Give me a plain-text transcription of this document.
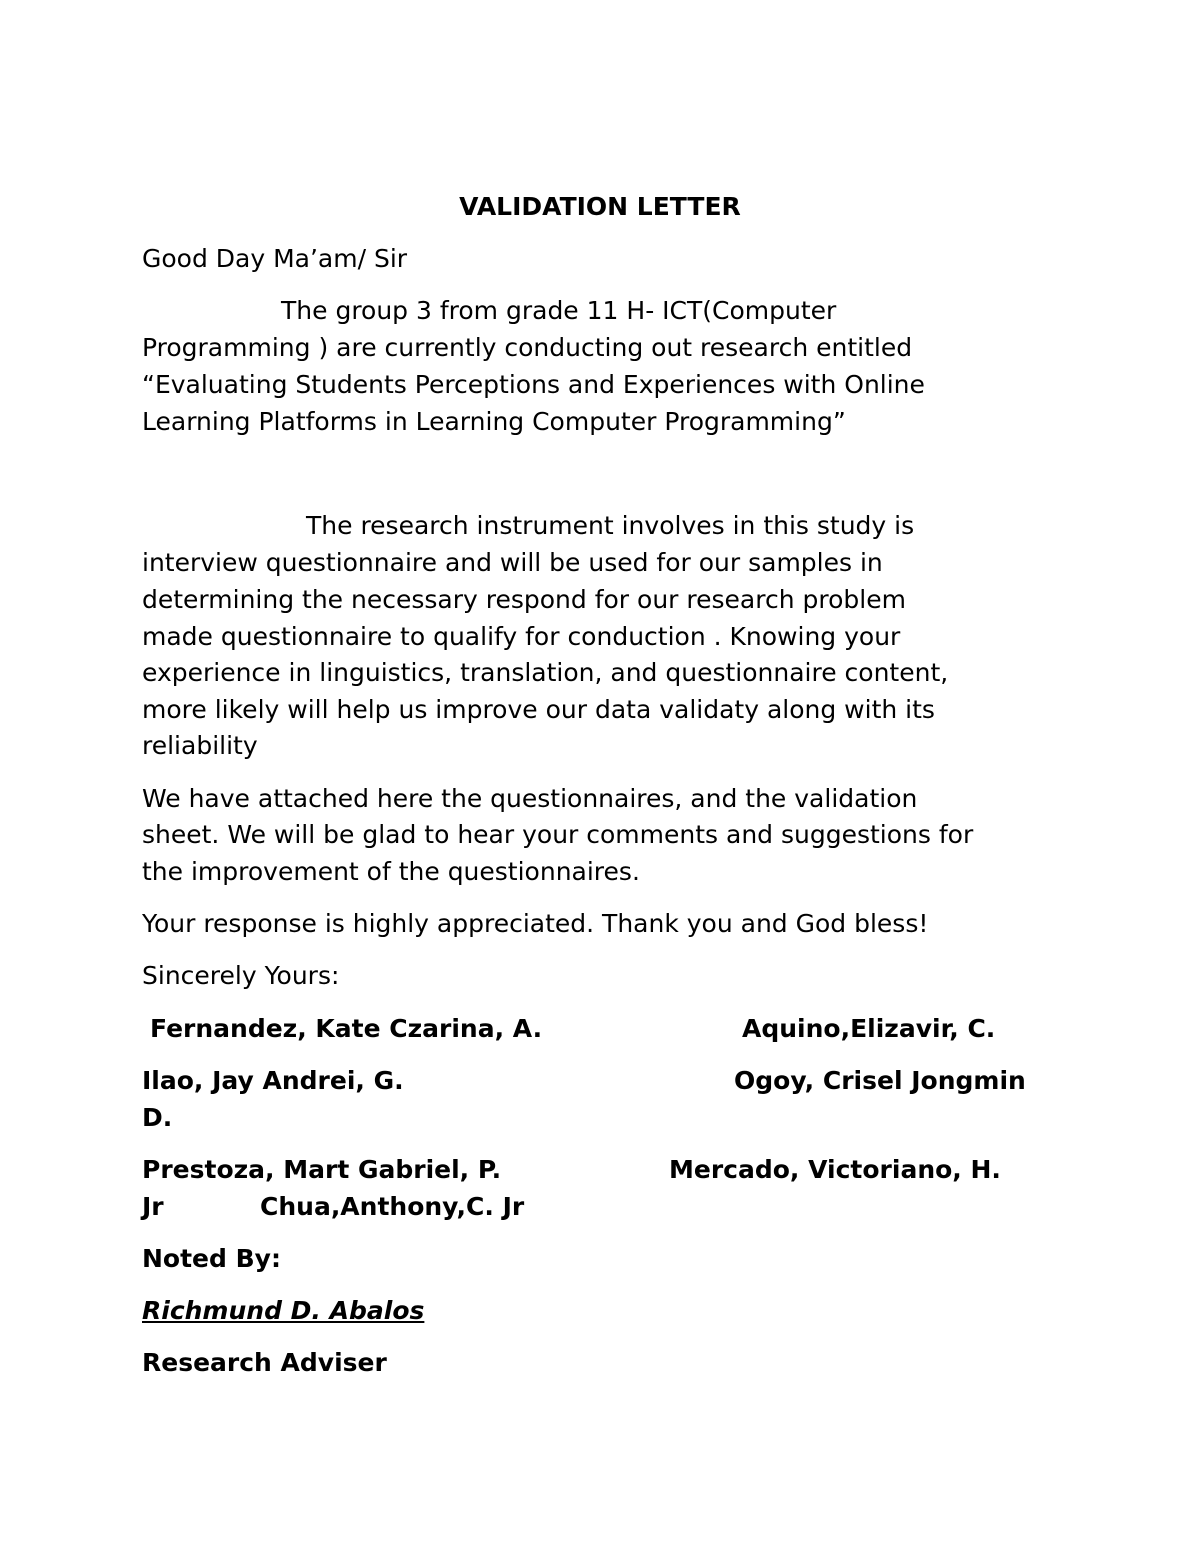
VALIDATION LETTER
Good Day Ma’am/ Sir
The group 3 from grade 11 H- ICT(Computer
Programming ) are currently conducting out research entitled
“Evaluating Students Perceptions and Experiences with Online
Learning Platforms in Learning Computer Programming”
The research instrument involves in this study is
interview questionnaire and will be used for our samples in
determining the necessary respond for our research problem
made questionnaire to qualify for conduction . Knowing your
experience in linguistics, translation, and questionnaire content,
more likely will help us improve our data validaty along with its
reliability
We have attached here the questionnaires, and the validation
sheet. We will be glad to hear your comments and suggestions for
the improvement of the questionnaires.
Your response is highly appreciated. Thank you and God bless!
Sincerely Yours:
Fernandez, Kate Czarina, A.	Aquino,Elizavir, C.
Ilao, Jay Andrei, G.	Ogoy, Crisel Jongmin
D.
Prestoza, Mart Gabriel, P.	Mercado, Victoriano, H.
Jr	Chua,Anthony,C. Jr
Noted By:
Richmund D. Abalos
Research Adviser
